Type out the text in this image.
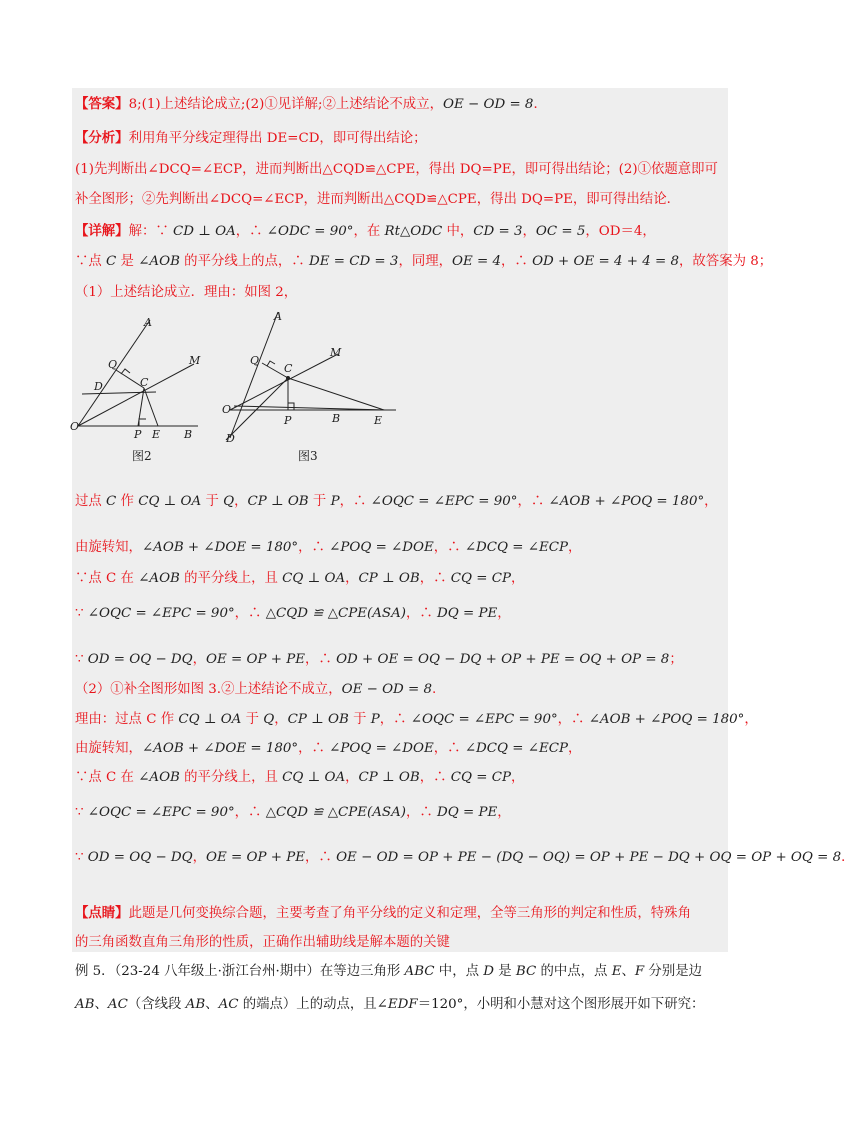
【答案】8;(1)上述结论成立;(2)①见详解;②上述结论不成立，OE − OD = 8．
【分析】利用角平分线定理得出 DE=CD，即可得出结论；
(1)先判断出∠DCQ=∠ECP，进而判断出△CQD≌△CPE，得出 DQ=PE，即可得出结论；(2)①依题意即可
补全图形；②先判断出∠DCQ=∠ECP，进而判断出△CQD≌△CPE，得出 DQ=PE，即可得出结论．
【详解】解：∵ CD ⊥ OA，∴ ∠ODC = 90°，在 Rt△ODC 中，CD = 3，OC = 5，OD＝4，
∵点 C 是 ∠AOB 的平分线上的点，∴ DE = CD = 3，同理，OE = 4，∴ OD + OE = 4 + 4 = 8，故答案为 8；
（1）上述结论成立．理由：如图 2，
过点 C 作 CQ ⊥ OA 于 Q，CP ⊥ OB 于 P，∴ ∠OQC = ∠EPC = 90°，∴ ∠AOB + ∠POQ = 180°，
由旋转知，∠AOB + ∠DOE = 180°，∴ ∠POQ = ∠DOE，∴ ∠DCQ = ∠ECP，
∵点 C 在 ∠AOB 的平分线上，且 CQ ⊥ OA，CP ⊥ OB，∴ CQ = CP，
∵ ∠OQC = ∠EPC = 90°，∴ △CQD ≌ △CPE(ASA)，∴ DQ = PE，
∵ OD = OQ − DQ，OE = OP + PE，∴ OD + OE = OQ − DQ + OP + PE = OQ + OP = 8；
（2）①补全图形如图 3.②上述结论不成立，OE − OD = 8.
理由：过点 C 作 CQ ⊥ OA 于 Q，CP ⊥ OB 于 P，∴ ∠OQC = ∠EPC = 90°，∴ ∠AOB + ∠POQ = 180°，
由旋转知，∠AOB + ∠DOE = 180°，∴ ∠POQ = ∠DOE，∴ ∠DCQ = ∠ECP，
∵点 C 在 ∠AOB 的平分线上，且 CQ ⊥ OA，CP ⊥ OB，∴ CQ = CP，
∵ ∠OQC = ∠EPC = 90°，∴ △CQD ≌ △CPE(ASA)，∴ DQ = PE，
∵ OD = OQ − DQ，OE = OP + PE，∴ OE − OD = OP + PE − (DQ − OQ) = OP + PE − DQ + OQ = OP + OQ = 8．
【点睛】此题是几何变换综合题，主要考查了角平分线的定义和定理，全等三角形的判定和性质，特殊角
的三角函数直角三角形的性质，正确作出辅助线是解本题的关键
例 5．（23-24 八年级上·浙江台州·期中）在等边三角形 ABC 中，点 D 是 BC 的中点，点 E、F 分别是边
AB、AC（含线段 AB、AC 的端点）上的动点，且∠EDF＝120°，小明和小慧对这个图形展开如下研究：
A
Q
D	C
M
O
P E B
图2
A
Q
C
M
O
P	B	E
D
图3
